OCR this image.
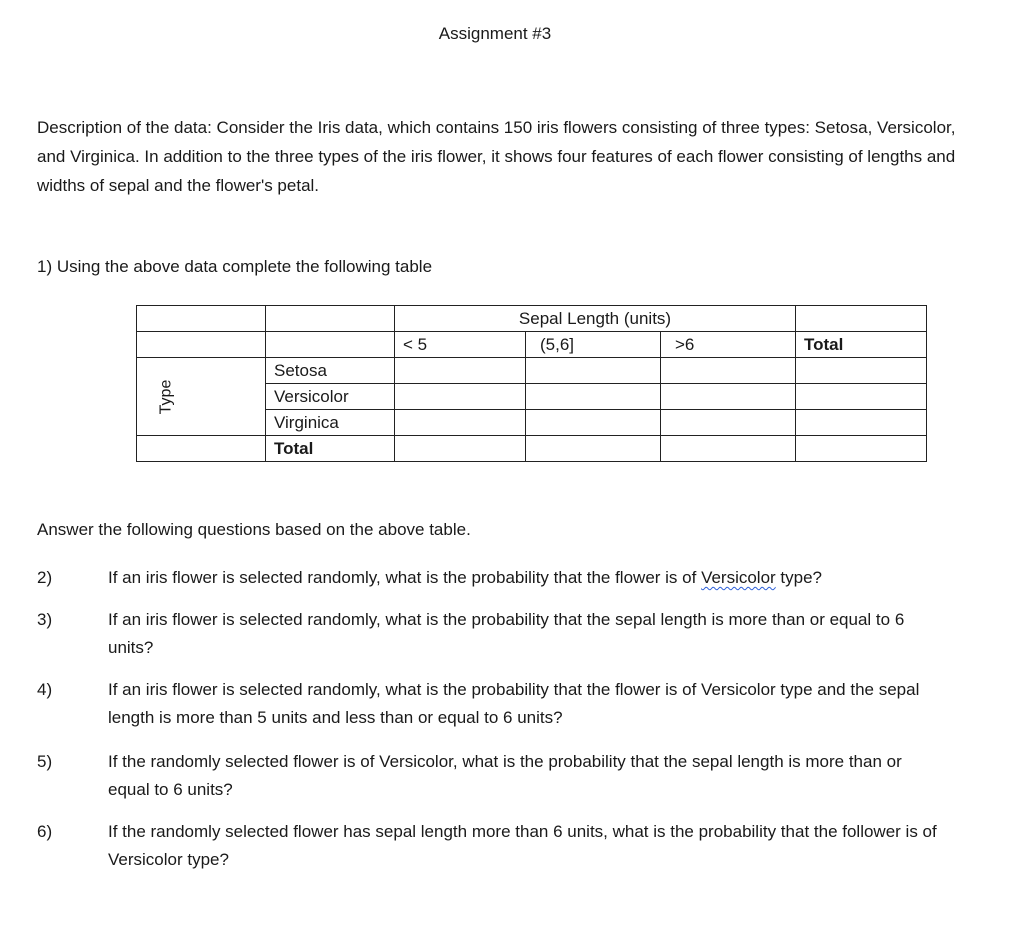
Assignment #3
Description of the data: Consider the Iris data, which contains 150 iris flowers consisting of three types: Setosa, Versicolor, and Virginica. In addition to the three types of the iris flower, it shows four features of each flower consisting of lengths and widths of sepal and the flower's petal.
1) Using the above data complete the following table
		Sepal Length (units)			
		< 5	(5,6]	>6	Total

Type	Setosa				
	Versicolor				
	Virginica				
	Total				
Answer the following questions based on the above table.
2)	If an iris flower is selected randomly, what is the probability that the flower is of Versicolor type?
3)	If an iris flower is selected randomly, what is the probability that the sepal length is more than or equal to 6 units?
4)	If an iris flower is selected randomly, what is the probability that the flower is of Versicolor type and the sepal length is more than 5 units and less than or equal to 6 units?
5)	If the randomly selected flower is of Versicolor, what is the probability that the sepal length is more than or equal to 6 units?
6)	If the randomly selected flower has sepal length more than 6 units, what is the probability that the follower is of Versicolor type?
